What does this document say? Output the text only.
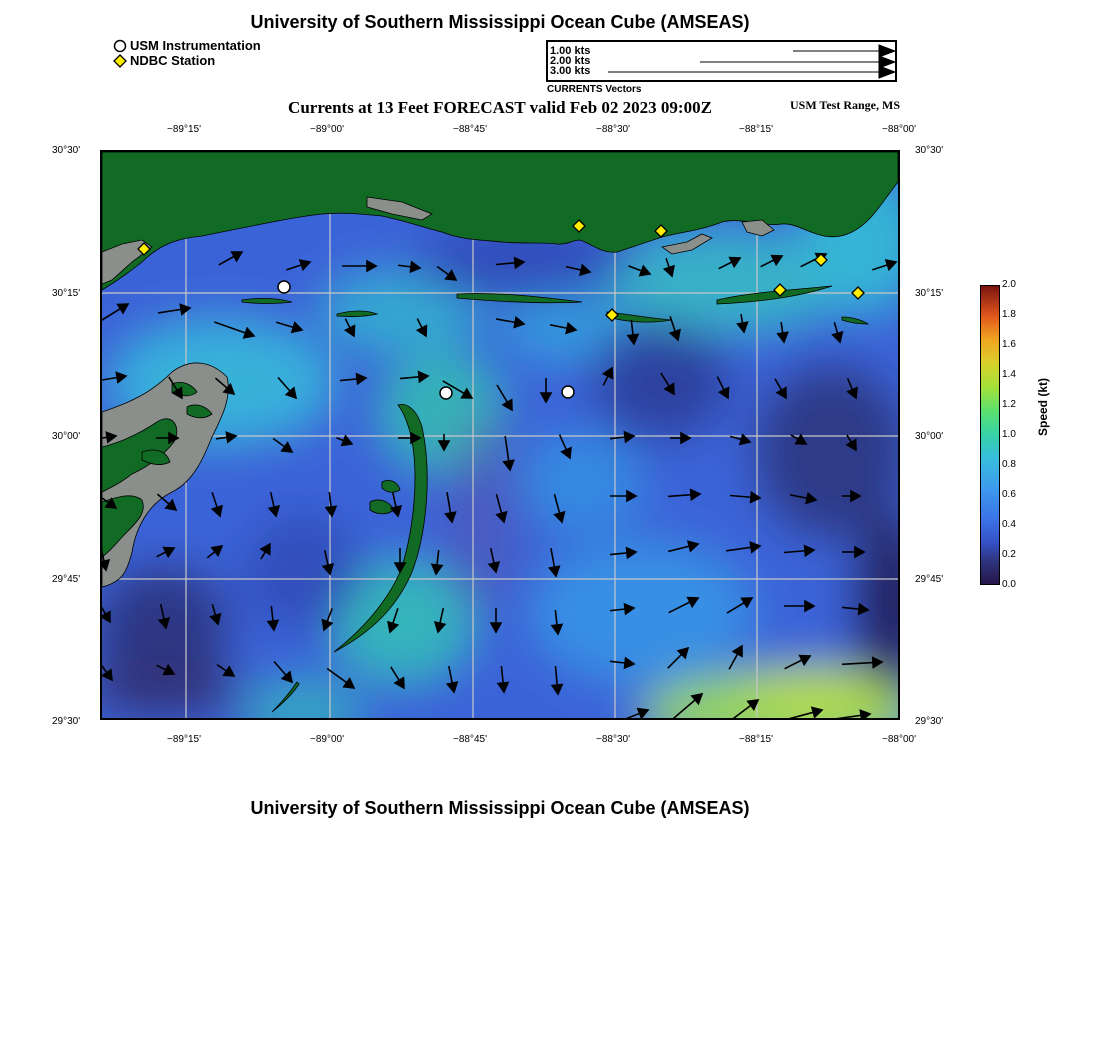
University of Southern Mississippi Ocean Cube (AMSEAS)
USM Instrumentation
NDBC Station
1.00 kts
2.00 kts
3.00 kts
CURRENTS Vectors
Currents at 13 Feet FORECAST valid Feb 02 2023 09:00Z	USM Test Range, MS
−89°15'	−89°00'	−88°45'	−88°30'	−88°15'	−88°00'
−89°15'	−89°00'	−88°45'	−88°30'	−88°15'	−88°00'
30°30'
30°15'
30°00'
29°45'
29°30'
30°30'
30°15'
30°00'
29°45'
29°30'
2.0
1.8
1.6
1.4
1.2
1.0
0.8
0.6
0.4
0.2
0.0
Speed (kt)
University of Southern Mississippi Ocean Cube (AMSEAS)
